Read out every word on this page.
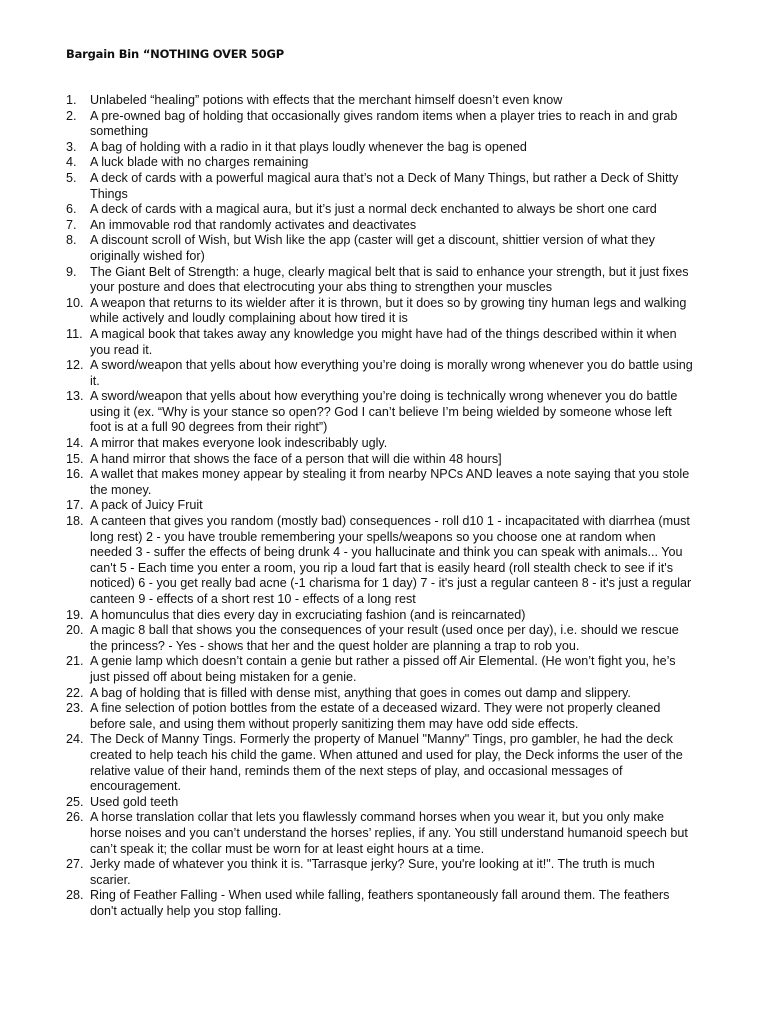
Bargain Bin “NOTHING OVER 50GP
1.	Unlabeled “healing” potions with effects that the merchant himself doesn’t even know
2.	A pre-owned bag of holding that occasionally gives random items when a player tries to reach in and grab something
3.	A bag of holding with a radio in it that plays loudly whenever the bag is opened
4.	A luck blade with no charges remaining
5.	A deck of cards with a powerful magical aura that’s not a Deck of Many Things, but rather a Deck of Shitty Things
6.	A deck of cards with a magical aura, but it’s just a normal deck enchanted to always be short one card
7.	An immovable rod that randomly activates and deactivates
8.	A discount scroll of Wish, but Wish like the app (caster will get a discount, shittier version of what they originally wished for)
9.	The Giant Belt of Strength: a huge, clearly magical belt that is said to enhance your strength, but it just fixes your posture and does that electrocuting your abs thing to strengthen your muscles
10. A weapon that returns to its wielder after it is thrown, but it does so by growing tiny human legs and walking while actively and loudly complaining about how tired it is
11. A magical book that takes away any knowledge you might have had of the things described within it when you read it.
12. A sword/weapon that yells about how everything you’re doing is morally wrong whenever you do battle using it.
13. A sword/weapon that yells about how everything you’re doing is technically wrong whenever you do battle using it (ex. “Why is your stance so open?? God I can’t believe I’m being wielded by someone whose left foot is at a full 90 degrees from their right”)
14. A mirror that makes everyone look indescribably ugly.
15. A hand mirror that shows the face of a person that will die within 48 hours]
16. A wallet that makes money appear by stealing it from nearby NPCs AND leaves a note saying that you stole the money.
17. A pack of Juicy Fruit
18. A canteen that gives you random (mostly bad) consequences - roll d10 1 - incapacitated with diarrhea (must long rest) 2 - you have trouble remembering your spells/weapons so you choose one at random when needed 3 - suffer the effects of being drunk 4 - you hallucinate and think you can speak with animals... You can't 5 - Each time you enter a room, you rip a loud fart that is easily heard (roll stealth check to see if it's noticed) 6 - you get really bad acne (-1 charisma for 1 day) 7 - it's just a regular canteen 8 - it's just a regular canteen 9 - effects of a short rest 10 - effects of a long rest
19. A homunculus that dies every day in excruciating fashion (and is reincarnated)
20. A magic 8 ball that shows you the consequences of your result (used once per day), i.e. should we rescue the princess? - Yes - shows that her and the quest holder are planning a trap to rob you.
21. A genie lamp which doesn’t contain a genie but rather a pissed off Air Elemental. (He won’t fight you, he’s just pissed off about being mistaken for a genie.
22. A bag of holding that is filled with dense mist, anything that goes in comes out damp and slippery.
23. A fine selection of potion bottles from the estate of a deceased wizard. They were not properly cleaned before sale, and using them without properly sanitizing them may have odd side effects.
24. The Deck of Manny Tings. Formerly the property of Manuel "Manny" Tings, pro gambler, he had the deck created to help teach his child the game. When attuned and used for play, the Deck informs the user of the relative value of their hand, reminds them of the next steps of play, and occasional messages of encouragement.
25. Used gold teeth
26. A horse translation collar that lets you flawlessly command horses when you wear it, but you only make horse noises and you can’t understand the horses’ replies, if any. You still understand humanoid speech but can’t speak it; the collar must be worn for at least eight hours at a time.
27. Jerky made of whatever you think it is. "Tarrasque jerky? Sure, you're looking at it!". The truth is much scarier.
28. Ring of Feather Falling - When used while falling, feathers spontaneously fall around them. The feathers don't actually help you stop falling.
